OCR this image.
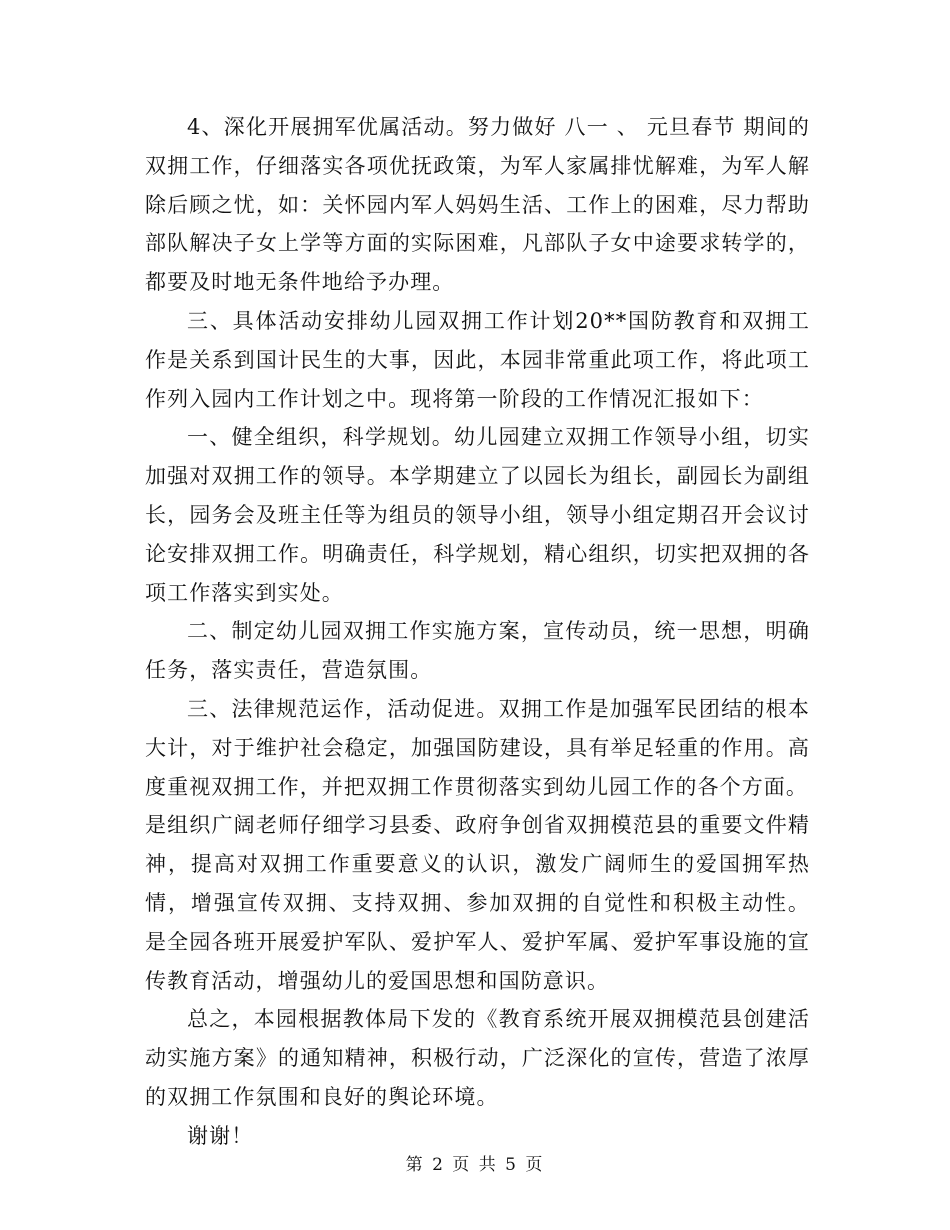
4、深化开展拥军优属活动。努力做好 八一 、 元旦春节 期间的双拥工作，仔细落实各项优抚政策，为军人家属排忧解难，为军人解除后顾之忧，如：关怀园内军人妈妈生活、工作上的困难，尽力帮助部队解决子女上学等方面的实际困难，凡部队子女中途要求转学的，都要及时地无条件地给予办理。

三、具体活动安排幼儿园双拥工作计划20**国防教育和双拥工作是关系到国计民生的大事，因此，本园非常重此项工作，将此项工作列入园内工作计划之中。现将第一阶段的工作情况汇报如下：

一、健全组织，科学规划。幼儿园建立双拥工作领导小组，切实加强对双拥工作的领导。本学期建立了以园长为组长，副园长为副组长，园务会及班主任等为组员的领导小组，领导小组定期召开会议讨论安排双拥工作。明确责任，科学规划，精心组织，切实把双拥的各项工作落实到实处。

二、制定幼儿园双拥工作实施方案，宣传动员，统一思想，明确任务，落实责任，营造氛围。

三、法律规范运作，活动促进。双拥工作是加强军民团结的根本大计，对于维护社会稳定，加强国防建设，具有举足轻重的作用。高度重视双拥工作，并把双拥工作贯彻落实到幼儿园工作的各个方面。

是组织广阔老师仔细学习县委、政府争创省双拥模范县的重要文件精神，提高对双拥工作重要意义的认识，激发广阔师生的爱国拥军热情，增强宣传双拥、支持双拥、参加双拥的自觉性和积极主动性。 是全园各班开展爱护军队、爱护军人、爱护军属、爱护军事设施的宣传教育活动，增强幼儿的爱国思想和国防意识。

总之，本园根据教体局下发的《教育系统开展双拥模范县创建活动实施方案》的通知精神，积极行动，广泛深化的宣传，营造了浓厚的双拥工作氛围和良好的舆论环境。

谢谢！

第 2 页 共 5 页
